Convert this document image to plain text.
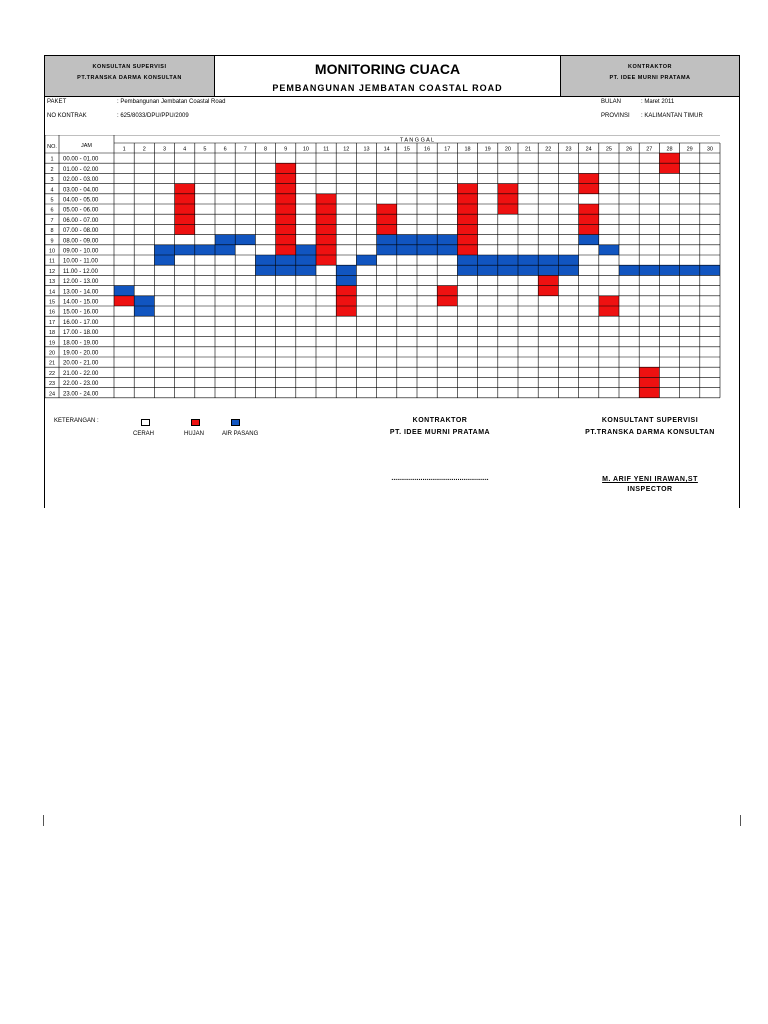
KONSULTAN SUPERVISI
PT.TRANSKA DARMA KONSULTAN
MONITORING CUACA
PEMBANGUNAN JEMBATAN COASTAL ROAD
KONTRAKTOR
PT. IDEE MURNI PRATAMA
PAKET	: Pembangunan Jembatan Coastal Road
NO KONTRAK	: 625/8033/DPU/PPU/2009
BULAN	: Maret 2011
PROVINSI : KALIMANTAN TIMUR
NO.	JAM
T A N G G A L
1	2	3	4	5	6	7	8	9	10	11	12	13	14	15	16	17	18	19	20	21	22	23	24	25	26	27	28	29	30
1 00.00 - 01.00
2 01.00 - 02.00
3 02.00 - 03.00
4 03.00 - 04.00
5 04.00 - 05.00
6 05.00 - 06.00
7 06.00 - 07.00
8 07.00 - 08.00
9 08.00 - 09.00
10 09.00 - 10.00
11 10.00 - 11.00
12 11.00 - 12.00
13 12.00 - 13.00
14 13.00 - 14.00
15 14.00 - 15.00
16 15.00 - 16.00
17 16.00 - 17.00
18 17.00 - 18.00
19 18.00 - 19.00
20 19.00 - 20.00
21 20.00 - 21.00
22 21.00 - 22.00
23 22.00 - 23.00
24 23.00 - 24.00
KETERANGAN :
CERAH	HUJAN	AIR PASANG
KONTRAKTOR
PT. IDEE MURNI PRATAMA
..................................................
KONSULTANT SUPERVISI
PT.TRANSKA DARMA KONSULTAN
M. ARIF YENI IRAWAN,ST
INSPECTOR
